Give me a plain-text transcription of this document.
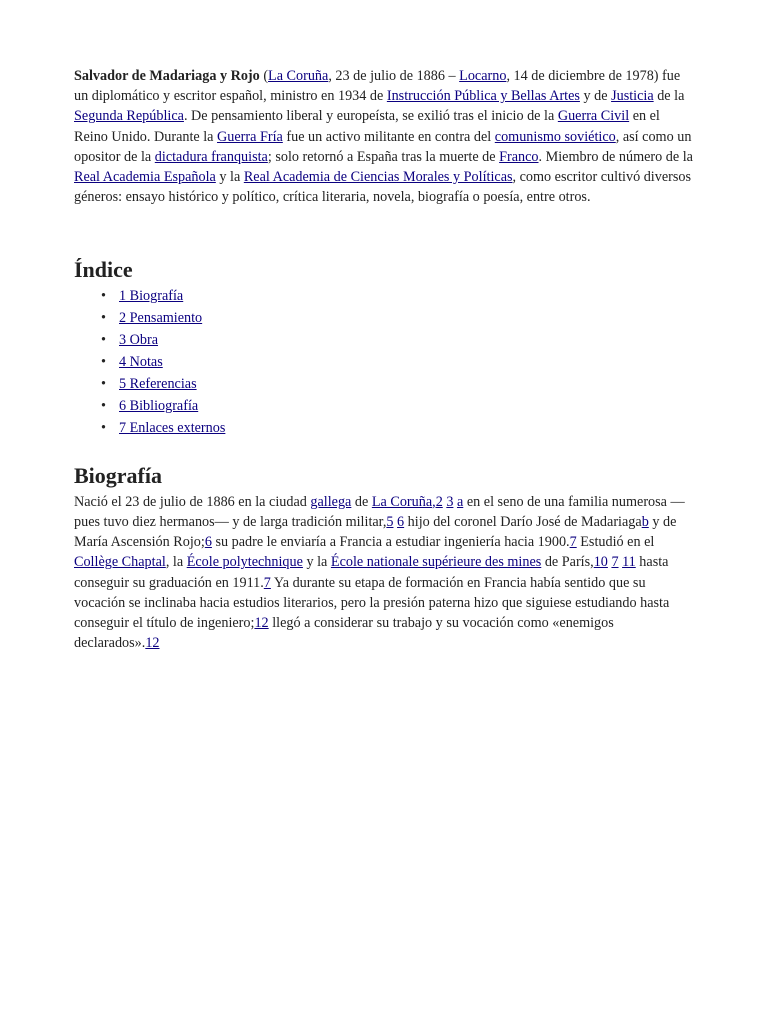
Salvador de Madariaga y Rojo (La Coruña, 23 de julio de 1886 – Locarno, 14 de diciembre de 1978) fue un diplomático y escritor español, ministro en 1934 de Instrucción Pública y Bellas Artes y de Justicia de la Segunda República. De pensamiento liberal y europeísta, se exilió tras el inicio de la Guerra Civil en el Reino Unido. Durante la Guerra Fría fue un activo militante en contra del comunismo soviético, así como un opositor de la dictadura franquista; solo retornó a España tras la muerte de Franco. Miembro de número de la Real Academia Española y la Real Academia de Ciencias Morales y Políticas, como escritor cultivó diversos géneros: ensayo histórico y político, crítica literaria, novela, biografía o poesía, entre otros.

Índice
• 1 Biografía
• 2 Pensamiento
• 3 Obra
• 4 Notas
• 5 Referencias
• 6 Bibliografía
• 7 Enlaces externos
Biografía

Nació el 23 de julio de 1886 en la ciudad gallega de La Coruña,2 3 a en el seno de una familia numerosa —pues tuvo diez hermanos— y de larga tradición militar,5 6 hijo del coronel Darío José de Madariagab y de María Ascensión Rojo;6 su padre le enviaría a Francia a estudiar ingeniería hacia 1900.7 Estudió en el Collège Chaptal, la École polytechnique y la École nationale supérieure des mines de París,10 7 11 hasta conseguir su graduación en 1911.7 Ya durante su etapa de formación en Francia había sentido que su vocación se inclinaba hacia estudios literarios, pero la presión paterna hizo que siguiese estudiando hasta conseguir el título de ingeniero;12 llegó a considerar su trabajo y su vocación como «enemigos declarados».12
